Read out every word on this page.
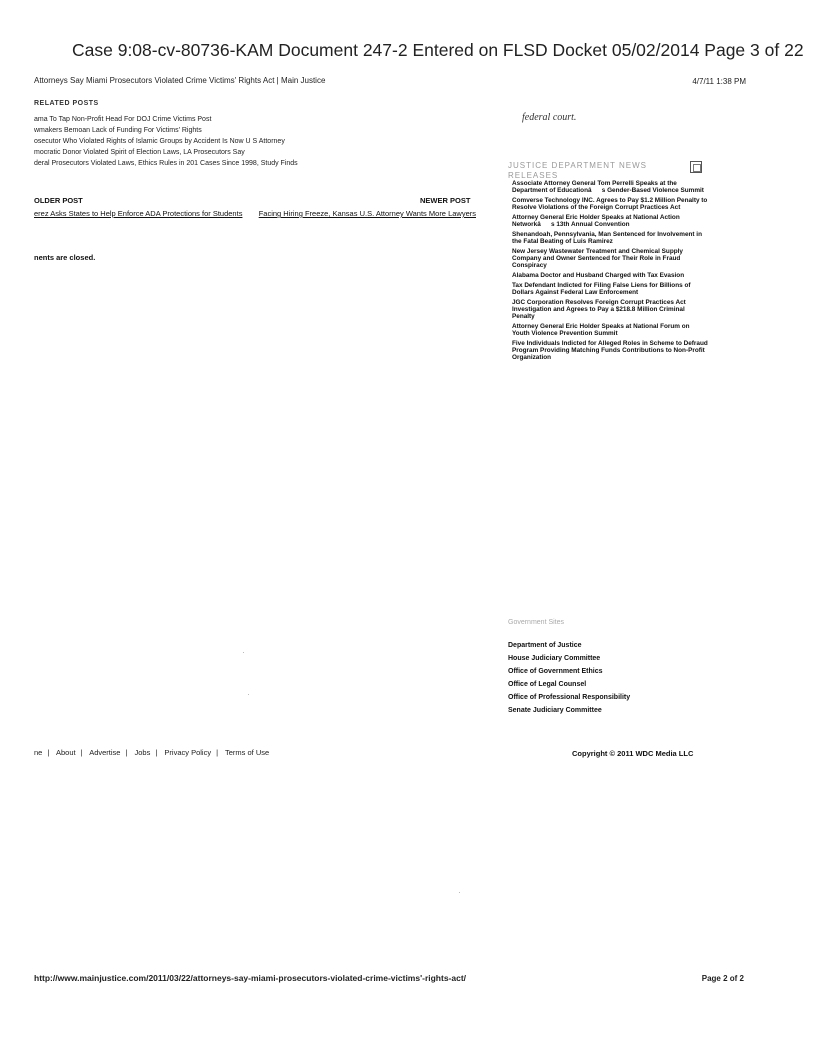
Case 9:08-cv-80736-KAM Document 247-2 Entered on FLSD Docket 05/02/2014 Page 3 of 22
Attorneys Say Miami Prosecutors Violated Crime Victims' Rights Act | Main Justice	4/7/11 1:38 PM
RELATED POSTS
ama To Tap Non-Profit Head For DOJ Crime Victims Post
wmakers Bemoan Lack of Funding For Victims' Rights
osecutor Who Violated Rights of Islamic Groups by Accident Is Now U S Attorney
mocratic Donor Violated Spirit of Election Laws, LA Prosecutors Say
deral Prosecutors Violated Laws, Ethics Rules in 201 Cases Since 1998, Study Finds
OLDER POST	NEWER POST
erez Asks States to Help Enforce ADA Protections for Students	Facing Hiring Freeze, Kansas U.S. Attorney Wants More Lawyers
nents are closed.
federal court.
JUSTICE DEPARTMENT NEWS RELEASES
Associate Attorney General Tom Perrelli Speaks at the Department of Educationâs Gender-Based Violence Summit
Comverse Technology INC. Agrees to Pay $1.2 Million Penalty to Resolve Violations of the Foreign Corrupt Practices Act
Attorney General Eric Holder Speaks at National Action Networkâs 13th Annual Convention
Shenandoah, Pennsylvania, Man Sentenced for Involvement in the Fatal Beating of Luis Ramirez
New Jersey Wastewater Treatment and Chemical Supply Company and Owner Sentenced for Their Role in Fraud Conspiracy
Alabama Doctor and Husband Charged with Tax Evasion
Tax Defendant Indicted for Filing False Liens for Billions of Dollars Against Federal Law Enforcement
JGC Corporation Resolves Foreign Corrupt Practices Act Investigation and Agrees to Pay a $218.8 Million Criminal Penalty
Attorney General Eric Holder Speaks at National Forum on Youth Violence Prevention Summit
Five Individuals Indicted for Alleged Roles in Scheme to Defraud Program Providing Matching Funds Contributions to Non-Profit Organization
Government Sites
Department of Justice
House Judiciary Committee
Office of Government Ethics
Office of Legal Counsel
Office of Professional Responsibility
Senate Judiciary Committee
ne | About | Advertise | Jobs | Privacy Policy | Terms of Use	Copyright © 2011 WDC Media LLC
http://www.mainjustice.com/2011/03/22/attorneys-say-miami-prosecutors-violated-crime-victims'-rights-act/	Page 2 of 2
